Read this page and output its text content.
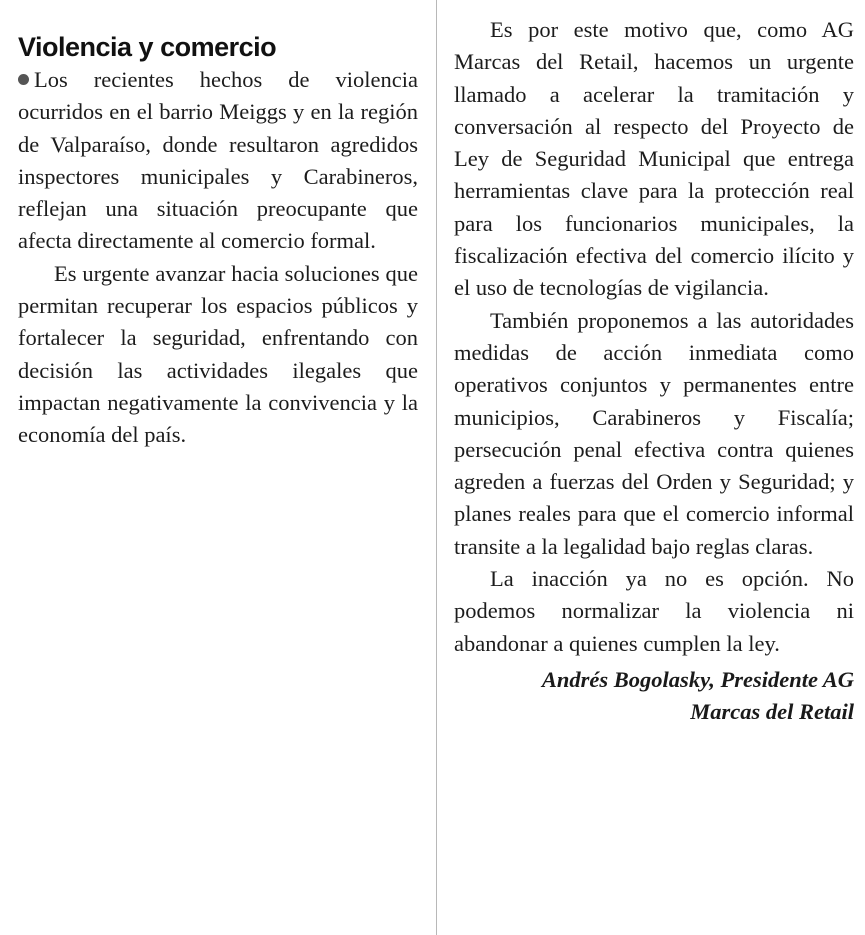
Violencia y comercio

Los recientes hechos de violencia ocurridos en el barrio Meiggs y en la región de Valparaíso, donde resultaron agredidos inspectores municipales y Carabineros, reflejan una situación preocupante que afecta directamente al comercio formal.

Es urgente avanzar hacia soluciones que permitan recuperar los espacios públicos y fortalecer la seguridad, enfrentando con decisión las actividades ilegales que impactan negativamente la convivencia y la economía del país.

Es por este motivo que, como AG Marcas del Retail, hacemos un urgente llamado a acelerar la tramitación y conversación al respecto del Proyecto de Ley de Seguridad Municipal que entrega herramientas clave para la protección real para los funcionarios municipales, la fiscalización efectiva del comercio ilícito y el uso de tecnologías de vigilancia.

También proponemos a las autoridades medidas de acción inmediata como operativos conjuntos y permanentes entre municipios, Carabineros y Fiscalía; persecución penal efectiva contra quienes agreden a fuerzas del Orden y Seguridad; y planes reales para que el comercio informal transite a la legalidad bajo reglas claras.

La inacción ya no es opción. No podemos normalizar la violencia ni abandonar a quienes cumplen la ley.

Andrés Bogolasky, Presidente AG
Marcas del Retail
